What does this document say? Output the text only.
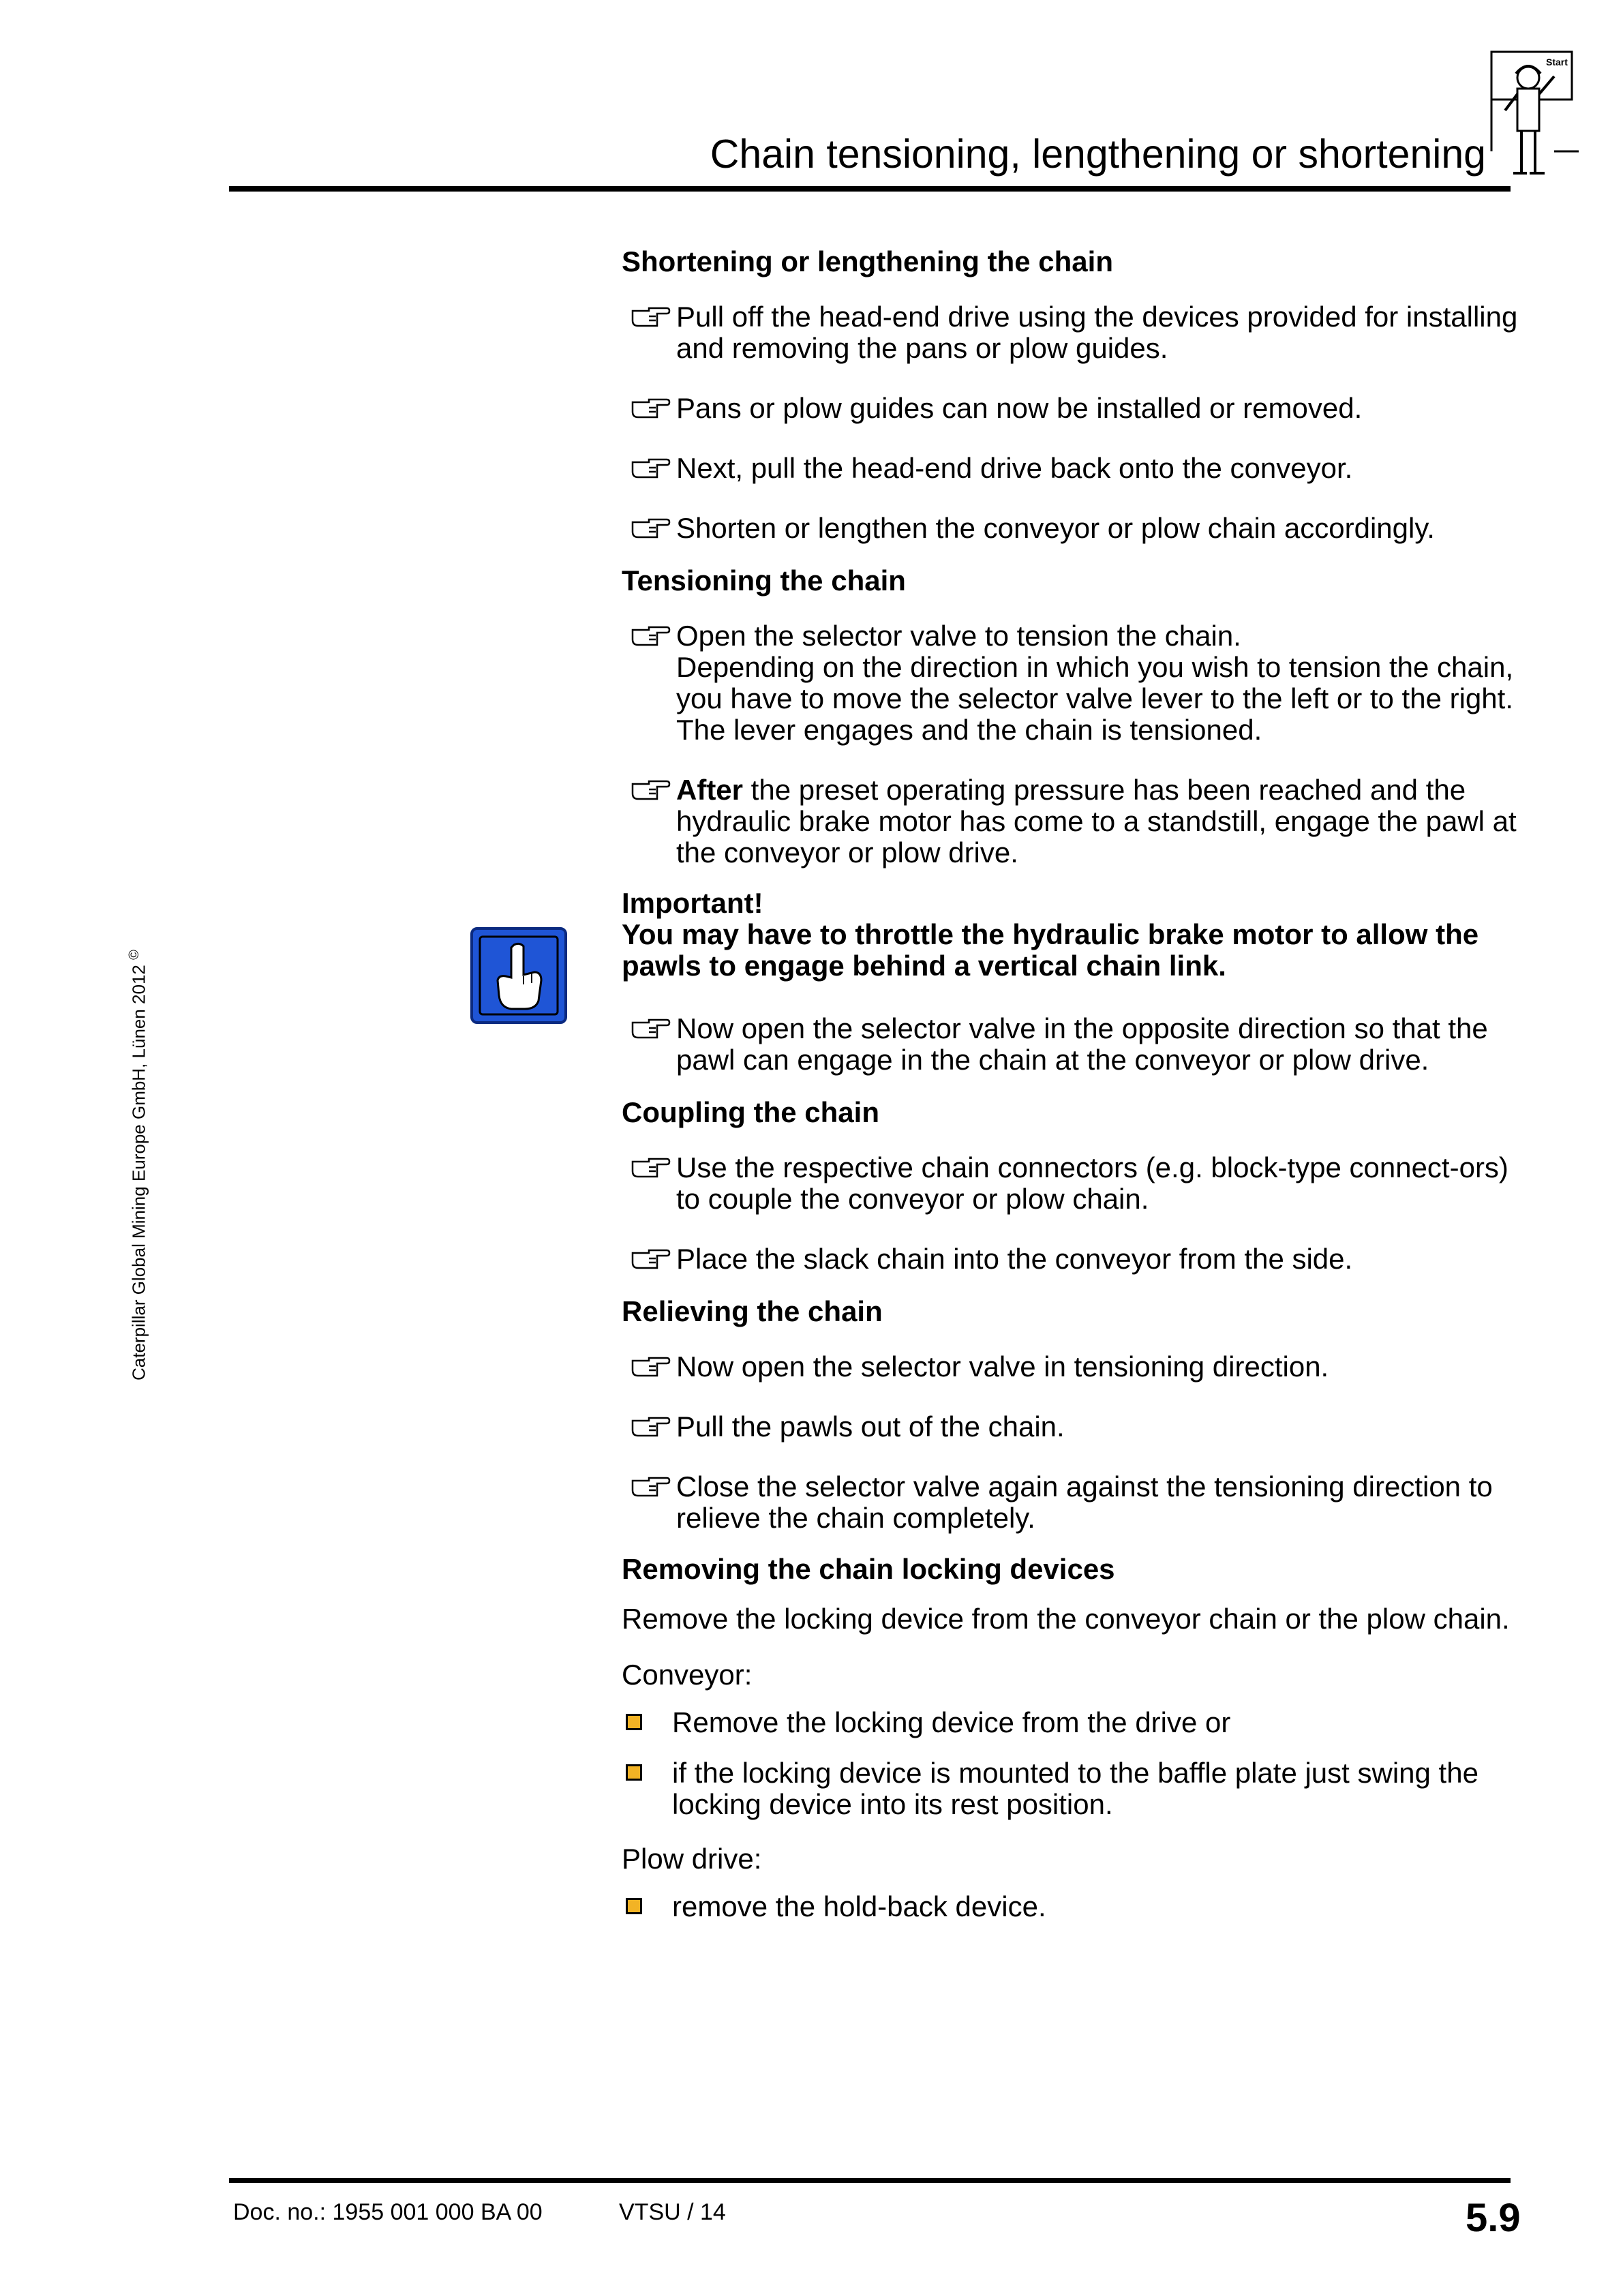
Chain tensioning, lengthening or shortening
Start
Caterpillar Global Mining Europe GmbH, Lünen 2012 ©
Shortening or lengthening the chain
Pull off the head-end drive using the devices provided for installing and removing the pans or plow guides.
Pans or plow guides can now be installed or removed.
Next, pull the head-end drive back onto the conveyor.
Shorten or lengthen the conveyor or plow chain accordingly.
Tensioning the chain
Open the selector valve to tension the chain.
Depending on the direction in which you wish to tension the chain, you have to move the selector valve lever to the left or to the right. The lever engages and the chain is tensioned.
After the preset operating pressure has been reached and the hydraulic brake motor has come to a standstill, engage the pawl at the conveyor or plow drive.
Important!
You may have to throttle the hydraulic brake motor to allow the pawls to engage behind a vertical chain link.
Now open the selector valve in the opposite direction so that the pawl can engage in the chain at the conveyor or plow drive.
Coupling the chain
Use the respective chain connectors (e.g. block-type connect-ors) to couple the conveyor or plow chain.
Place the slack chain into the conveyor from the side.
Relieving the chain
Now open the selector valve in tensioning direction.
Pull the pawls out of the chain.
Close the selector valve again against the tensioning direction to relieve the chain completely.
Removing the chain locking devices
Remove the locking device from the conveyor chain or the plow chain.
Conveyor:
Remove the locking device from the drive or
if the locking device is mounted to the baffle plate just swing the locking device into its rest position.
Plow drive:
remove the hold-back device.
Doc. no.: 1955 001 000 BA 00	VTSU / 14	5.9
